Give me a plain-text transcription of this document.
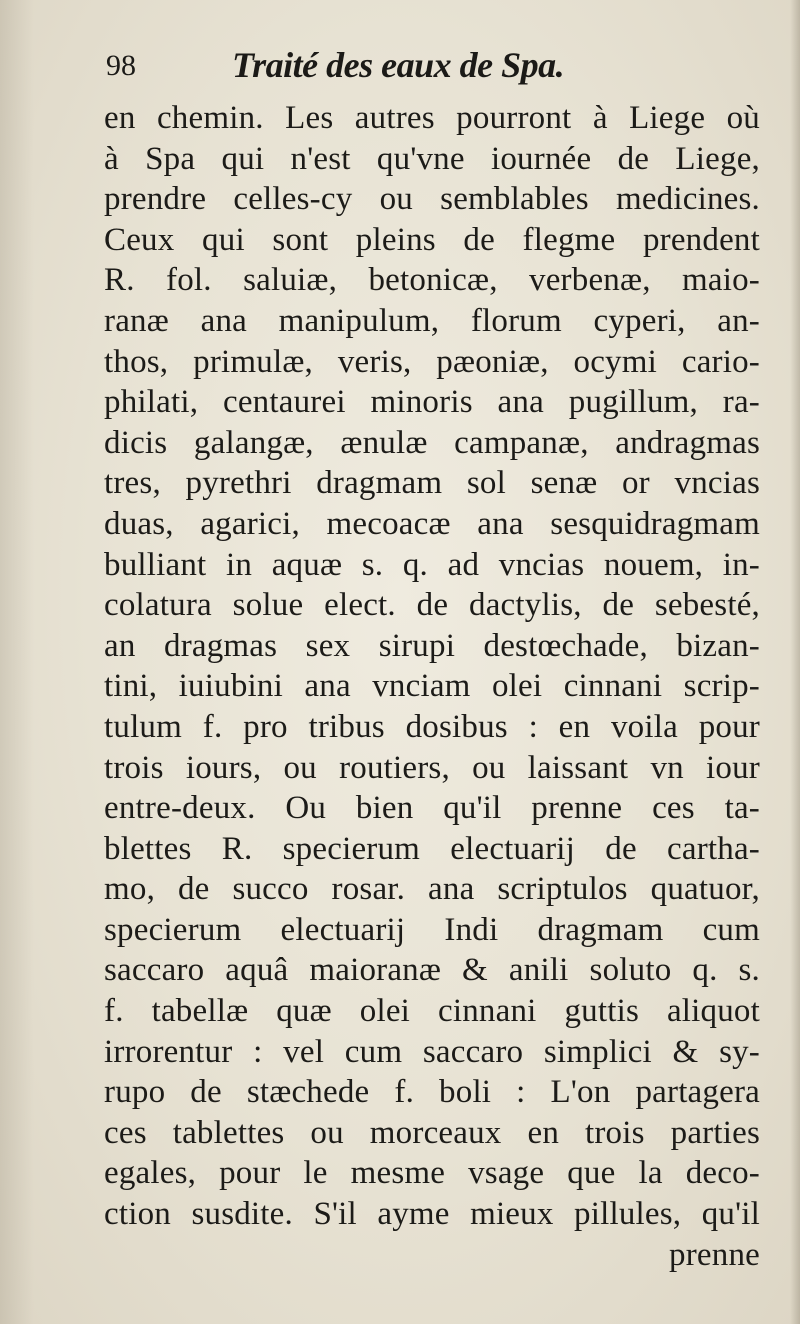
98	Traité des eaux de Spa.
en chemin. Les autres pourront à Liege où
à Spa qui n'est qu'vne iournée de Liege,
prendre celles-cy ou semblables medicines.
Ceux qui sont pleins de flegme prendent
R. fol. saluiæ, betonicæ, verbenæ, maio-
ranæ ana manipulum, florum cyperi, an-
thos, primulæ, veris, pæoniæ, ocymi cario-
philati, centaurei minoris ana pugillum, ra-
dicis galangæ, ænulæ campanæ, andragmas
tres, pyrethri dragmam sol senæ or vncias
duas, agarici, mecoacæ ana sesquidragmam
bulliant in aquæ s. q. ad vncias nouem, in-
colatura solue elect. de dactylis, de sebesté,
an dragmas sex sirupi destœchade, bizan-
tini, iuiubini ana vnciam olei cinnani scrip-
tulum f. pro tribus dosibus : en voila pour
trois iours, ou routiers, ou laissant vn iour
entre-deux. Ou bien qu'il prenne ces ta-
blettes R. specierum electuarij de cartha-
mo, de succo rosar. ana scriptulos quatuor,
specierum electuarij Indi dragmam cum
saccaro aquâ maioranæ & anili soluto q. s.
f. tabellæ quæ olei cinnani guttis aliquot
irrorentur : vel cum saccaro simplici & sy-
rupo de stæchede f. boli : L'on partagera
ces tablettes ou morceaux en trois parties
egales, pour le mesme vsage que la deco-
ction susdite. S'il ayme mieux pillules, qu'il
prenne
